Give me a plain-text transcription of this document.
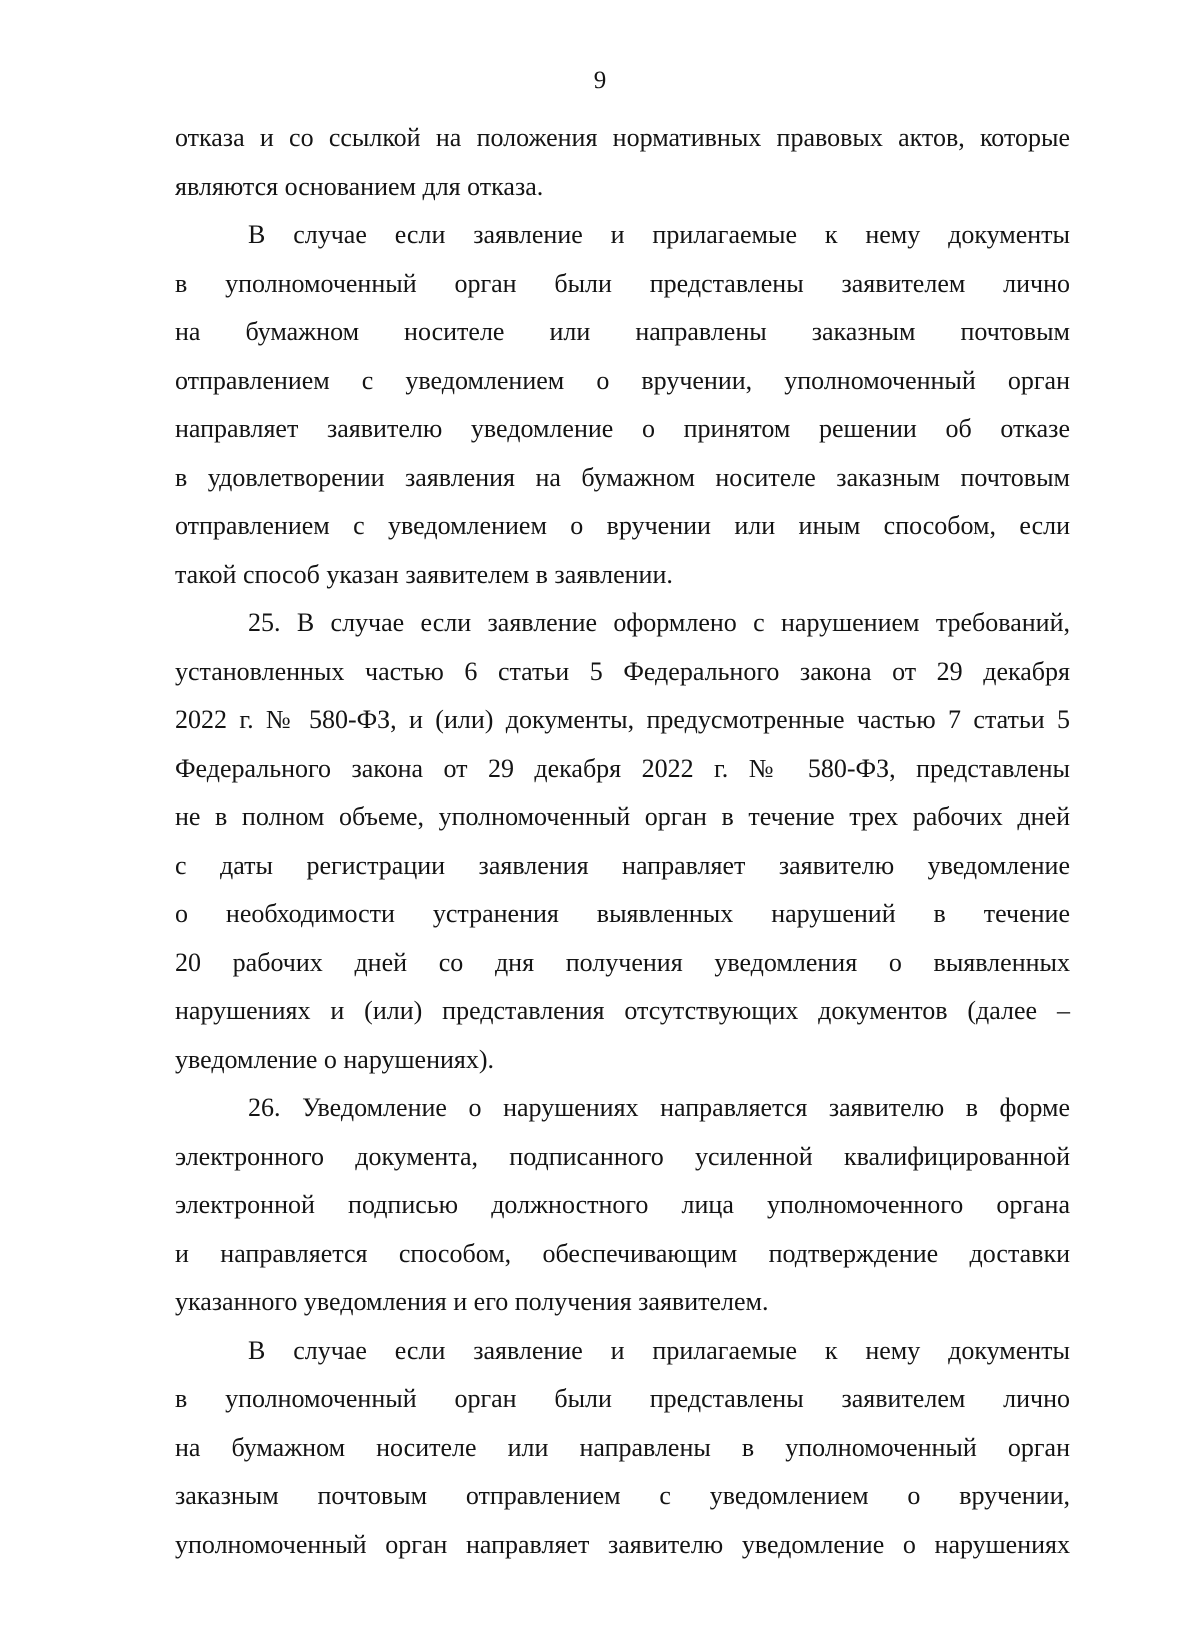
9
отказа и со ссылкой на положения нормативных правовых актов, которые
являются основанием для отказа.
В случае если заявление и прилагаемые к нему документы
в уполномоченный орган были представлены заявителем лично
на бумажном носителе или направлены заказным почтовым
отправлением с уведомлением о вручении, уполномоченный орган
направляет заявителю уведомление о принятом решении об отказе
в удовлетворении заявления на бумажном носителе заказным почтовым
отправлением с уведомлением о вручении или иным способом, если
такой способ указан заявителем в заявлении.
25. В случае если заявление оформлено с нарушением требований,
установленных частью 6 статьи 5 Федерального закона от 29 декабря
2022 г. № 580-ФЗ, и (или) документы, предусмотренные частью 7 статьи 5
Федерального закона от 29 декабря 2022 г. № 580-ФЗ, представлены
не в полном объеме, уполномоченный орган в течение трех рабочих дней
с даты регистрации заявления направляет заявителю уведомление
о необходимости устранения выявленных нарушений в течение
20 рабочих дней со дня получения уведомления о выявленных
нарушениях и (или) представления отсутствующих документов (далее –
уведомление о нарушениях).
26. Уведомление о нарушениях направляется заявителю в форме
электронного документа, подписанного усиленной квалифицированной
электронной подписью должностного лица уполномоченного органа
и направляется способом, обеспечивающим подтверждение доставки
указанного уведомления и его получения заявителем.
В случае если заявление и прилагаемые к нему документы
в уполномоченный орган были представлены заявителем лично
на бумажном носителе или направлены в уполномоченный орган
заказным почтовым отправлением с уведомлением о вручении,
уполномоченный орган направляет заявителю уведомление о нарушениях
